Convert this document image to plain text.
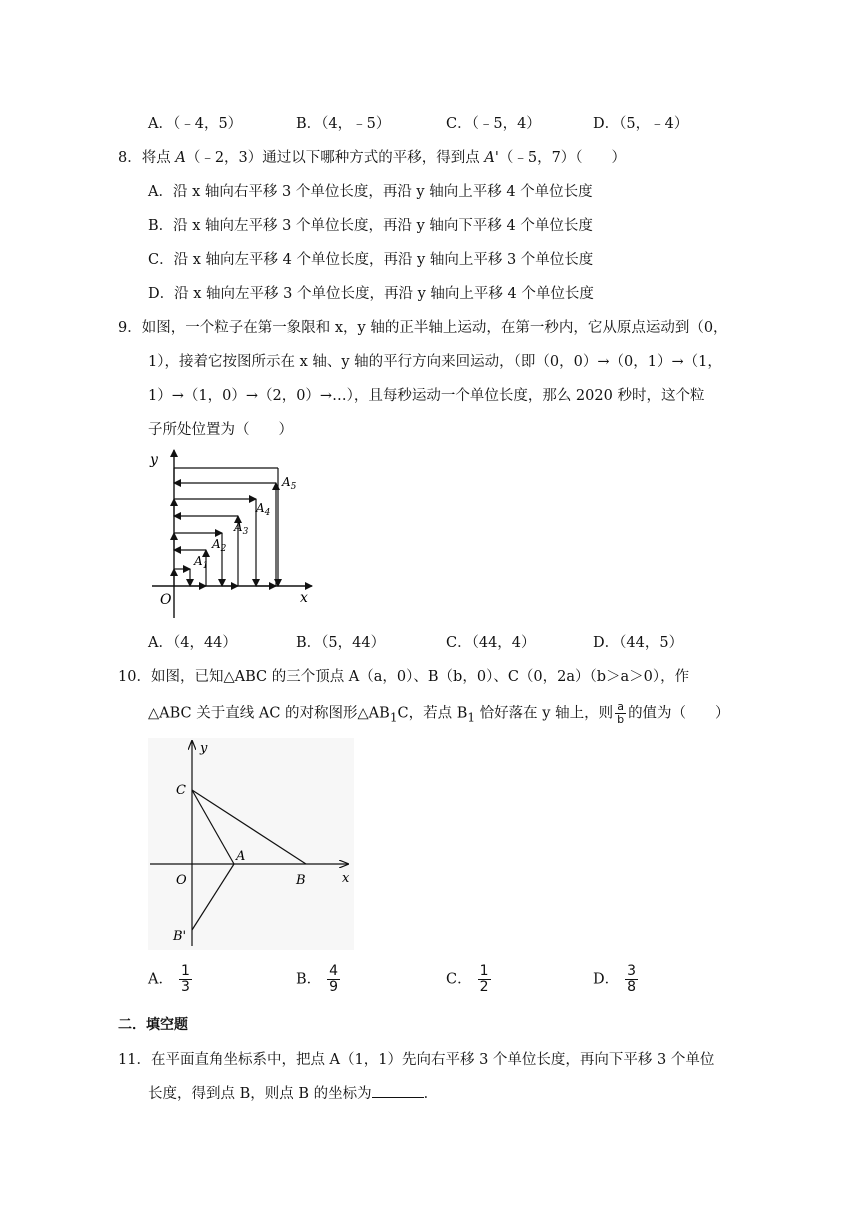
A．（﹣4，5）	B．（4，﹣5）	C．（﹣5，4）	D．（5，﹣4）
8．将点 A（﹣2，3）通过以下哪种方式的平移，得到点 A'（﹣5，7）（　　）
A．沿 x 轴向右平移 3 个单位长度，再沿 y 轴向上平移 4 个单位长度
B．沿 x 轴向左平移 3 个单位长度，再沿 y 轴向下平移 4 个单位长度
C．沿 x 轴向左平移 4 个单位长度，再沿 y 轴向上平移 3 个单位长度
D．沿 x 轴向左平移 3 个单位长度，再沿 y 轴向上平移 4 个单位长度
9．如图，一个粒子在第一象限和 x，y 轴的正半轴上运动，在第一秒内，它从原点运动到（0，
1），接着它按图所示在 x 轴、y 轴的平行方向来回运动，（即（0，0）→（0，1）→（1，
1）→（1，0）→（2，0）→…），且每秒运动一个单位长度，那么 2020 秒时，这个粒
子所处位置为（　　）
y
x
O
$A_1$
$A_2$
$A_3$
$A_4$
$A_5$
A．（4，44）	B．（5，44）	C．（44，4）	D．（44，5）
10．如图，已知△ABC 的三个顶点 A（a，0）、B（b，0）、C（0，2a）（b＞a＞0），作
△ABC 关于直线 AC 的对称图形$\triangle AB_1C$，若点 $B_1$ 恰好落在 y 轴上，则 $\frac{a}{b}$ 的值为（　　）
y
x
O
C
A
B
B'
A． $\frac{1}{3}$	B． $\frac{4}{9}$	C． $\frac{1}{2}$	D． $\frac{3}{8}$
二．填空题
11．在平面直角坐标系中，把点 A（1，1）先向右平移 3 个单位长度，再向下平移 3 个单位
长度，得到点 B，则点 B 的坐标为	．
